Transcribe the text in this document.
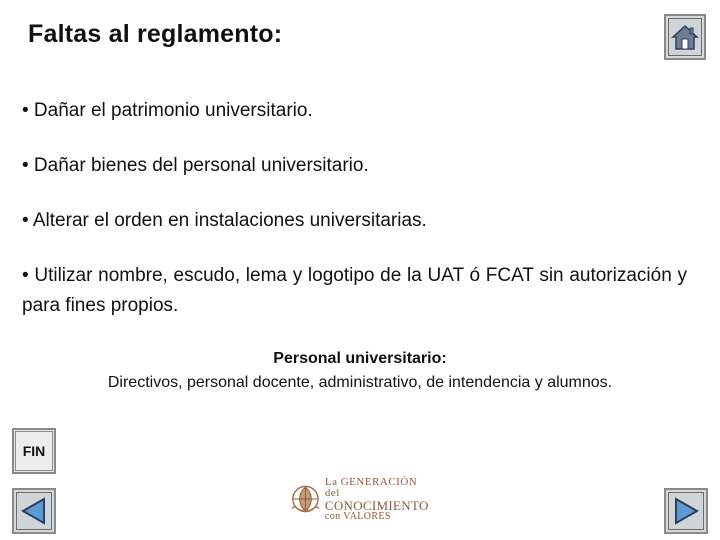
Faltas al reglamento:
• Dañar el patrimonio universitario.
• Dañar bienes del personal universitario.
• Alterar el orden en instalaciones universitarias.
• Utilizar nombre, escudo, lema y logotipo de la UAT ó FCAT sin autorización y para fines propios.
Personal universitario:
Directivos, personal docente, administrativo, de intendencia y alumnos.
FIN
La GENERACIÓN del
CONOCIMIENTO
con VALORES
